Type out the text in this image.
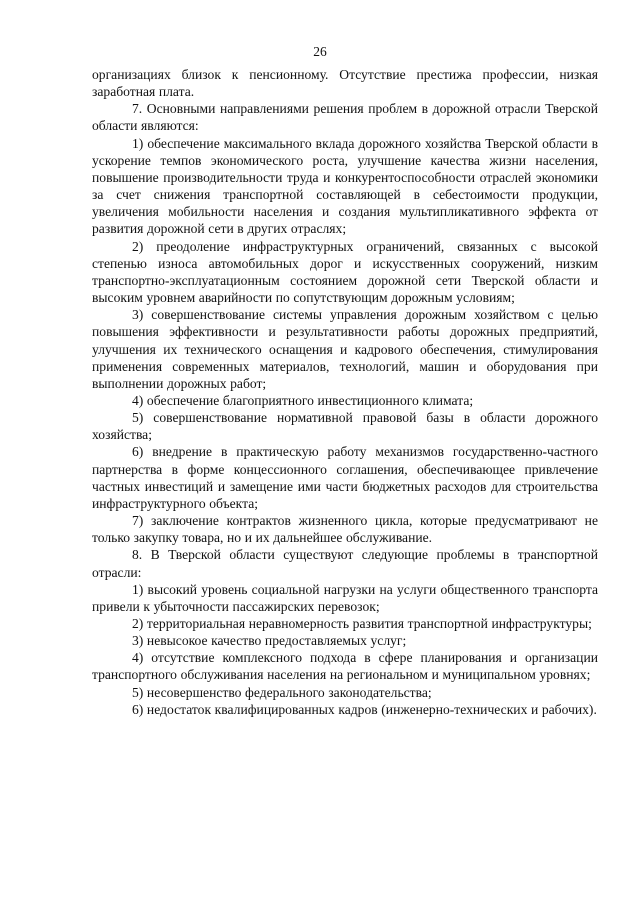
26

организациях близок к пенсионному. Отсутствие престижа профессии, низкая заработная плата.

7. Основными направлениями решения проблем в дорожной отрасли Тверской области являются:

1) обеспечение максимального вклада дорожного хозяйства Тверской области в ускорение темпов экономического роста, улучшение качества жизни населения, повышение производительности труда и конкурентоспособности отраслей экономики за счет снижения транспортной составляющей в себестоимости продукции, увеличения мобильности населения и создания мультипликативного эффекта от развития дорожной сети в других отраслях;

2) преодоление инфраструктурных ограничений, связанных с высокой степенью износа автомобильных дорог и искусственных сооружений, низким транспортно-эксплуатационным состоянием дорожной сети Тверской области и высоким уровнем аварийности по сопутствующим дорожным условиям;

3) совершенствование системы управления дорожным хозяйством с целью повышения эффективности и результативности работы дорожных предприятий, улучшения их технического оснащения и кадрового обеспечения, стимулирования применения современных материалов, технологий, машин и оборудования при выполнении дорожных работ;

4) обеспечение благоприятного инвестиционного климата;

5) совершенствование нормативной правовой базы в области дорожного хозяйства;

6) внедрение в практическую работу механизмов государственно-частного партнерства в форме концессионного соглашения, обеспечивающее привлечение частных инвестиций и замещение ими части бюджетных расходов для строительства инфраструктурного объекта;

7) заключение контрактов жизненного цикла, которые предусматривают не только закупку товара, но и их дальнейшее обслуживание.

8. В Тверской области существуют следующие проблемы в транспортной отрасли:

1) высокий уровень социальной нагрузки на услуги общественного транспорта привели к убыточности пассажирских перевозок;

2) территориальная неравномерность развития транспортной инфраструктуры;

3) невысокое качество предоставляемых услуг;

4) отсутствие комплексного подхода в сфере планирования и организации транспортного обслуживания населения на региональном и муниципальном уровнях;

5) несовершенство федерального законодательства;

6) недостаток квалифицированных кадров (инженерно-технических и рабочих).
